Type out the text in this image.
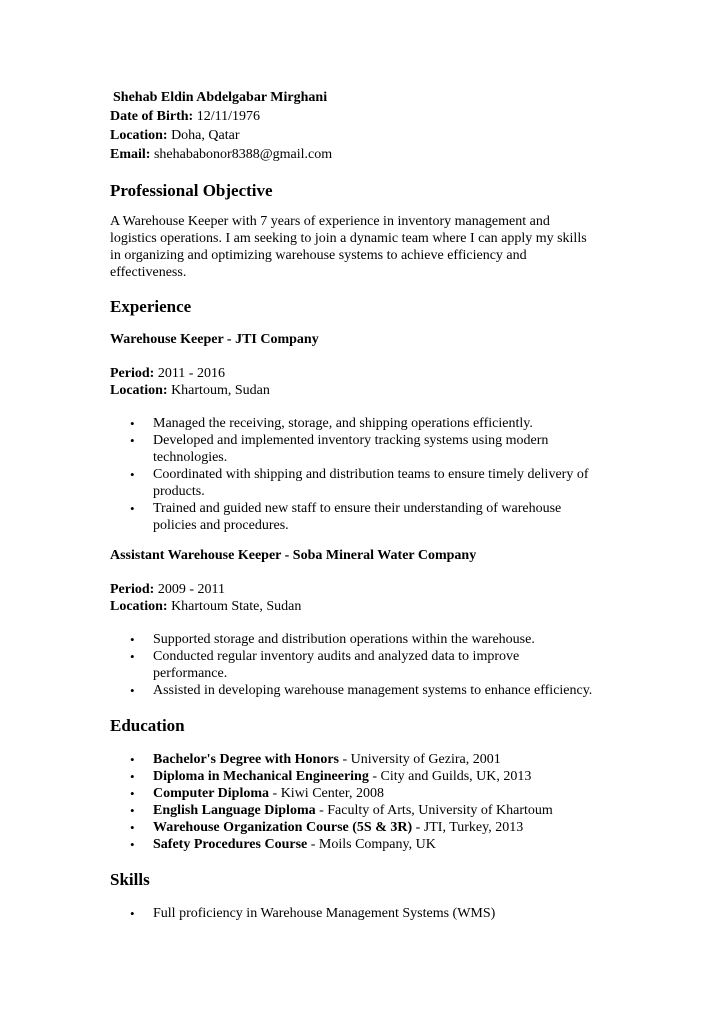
Shehab Eldin Abdelgabar Mirghani

Date of Birth: 12/11/1976

Location: Doha, Qatar

Email: shehababonor8388@gmail.com

Professional Objective

A Warehouse Keeper with 7 years of experience in inventory management and

logistics operations. I am seeking to join a dynamic team where I can apply my skills

in organizing and optimizing warehouse systems to achieve efficiency and

effectiveness.

Experience
Warehouse Keeper - JTI Company

Period: 2011 - 2016

Location: Khartoum, Sudan

• Managed the receiving, storage, and shipping operations efficiently.
• Developed and implemented inventory tracking systems using modern
technologies.
• Coordinated with shipping and distribution teams to ensure timely delivery of
products.
• Trained and guided new staff to ensure their understanding of warehouse
policies and procedures.
Assistant Warehouse Keeper - Soba Mineral Water Company

Period: 2009 - 2011

Location: Khartoum State, Sudan

• Supported storage and distribution operations within the warehouse.
• Conducted regular inventory audits and analyzed data to improve
performance.
• Assisted in developing warehouse management systems to enhance efficiency.
Education
• Bachelor's Degree with Honors - University of Gezira, 2001
• Diploma in Mechanical Engineering - City and Guilds, UK, 2013
• Computer Diploma - Kiwi Center, 2008
• English Language Diploma - Faculty of Arts, University of Khartoum
• Warehouse Organization Course (5S & 3R) - JTI, Turkey, 2013
• Safety Procedures Course - Moils Company, UK
Skills
• Full proficiency in Warehouse Management Systems (WMS)
